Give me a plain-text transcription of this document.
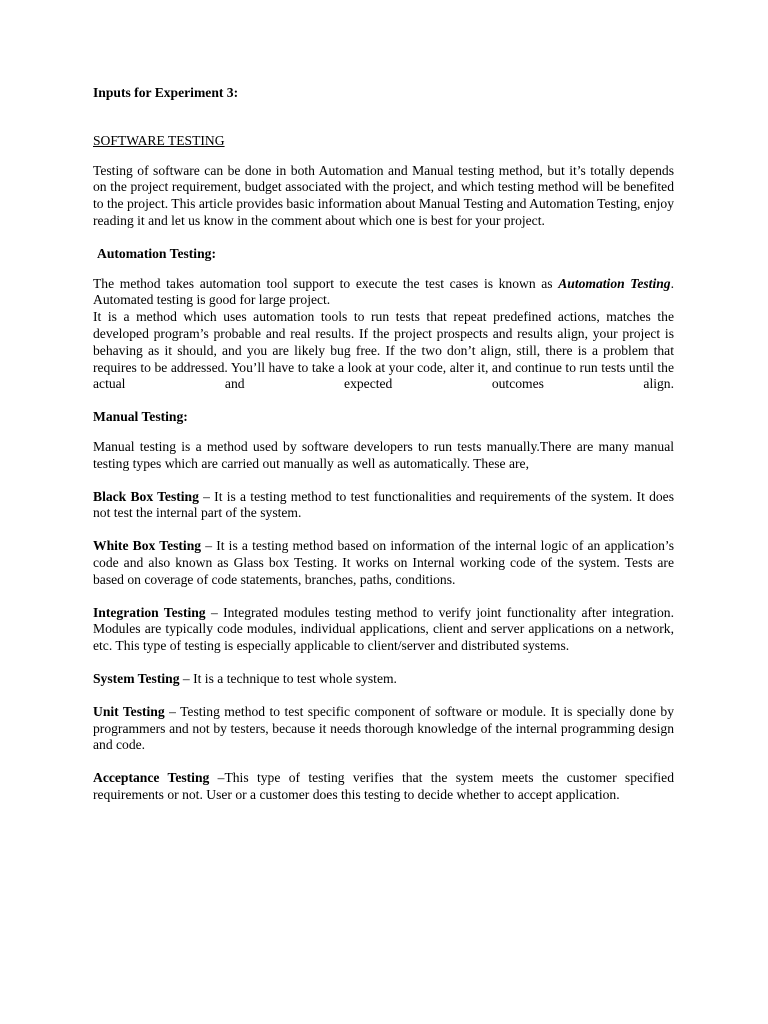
Inputs for Experiment 3:

SOFTWARE TESTING

Testing of software can be done in both Automation and Manual testing method, but it’s totally depends on the project requirement, budget associated with the project, and which testing method will be benefited to the project. This article provides basic information about Manual Testing and Automation Testing, enjoy reading it and let us know in the comment about which one is best for your project.

Automation Testing:

The method takes automation tool support to execute the test cases is known as Automation Testing. Automated testing is good for large project.

It is a method which uses automation tools to run tests that repeat predefined actions, matches the developed program’s probable and real results. If the project prospects and results align, your project is behaving as it should, and you are likely bug free. If the two don’t align, still, there is a problem that requires to be addressed. You’ll have to take a look at your code, alter it, and continue to run tests until the actual and expected outcomes align.

Manual Testing:

Manual testing is a method used by software developers to run tests manually.There are many manual testing types which are carried out manually as well as automatically. These are,

Black Box Testing – It is a testing method to test functionalities and requirements of the system. It does not test the internal part of the system.

White Box Testing – It is a testing method based on information of the internal logic of an application’s code and also known as Glass box Testing. It works on Internal working code of the system. Tests are based on coverage of code statements, branches, paths, conditions.

Integration Testing – Integrated modules testing method to verify joint functionality after integration. Modules are typically code modules, individual applications, client and server applications on a network, etc. This type of testing is especially applicable to client/server and distributed systems.

System Testing – It is a technique to test whole system.

Unit Testing – Testing method to test specific component of software or module. It is specially done by programmers and not by testers, because it needs thorough knowledge of the internal programming design and code.

Acceptance Testing –This type of testing verifies that the system meets the customer specified requirements or not. User or a customer does this testing to decide whether to accept application.
